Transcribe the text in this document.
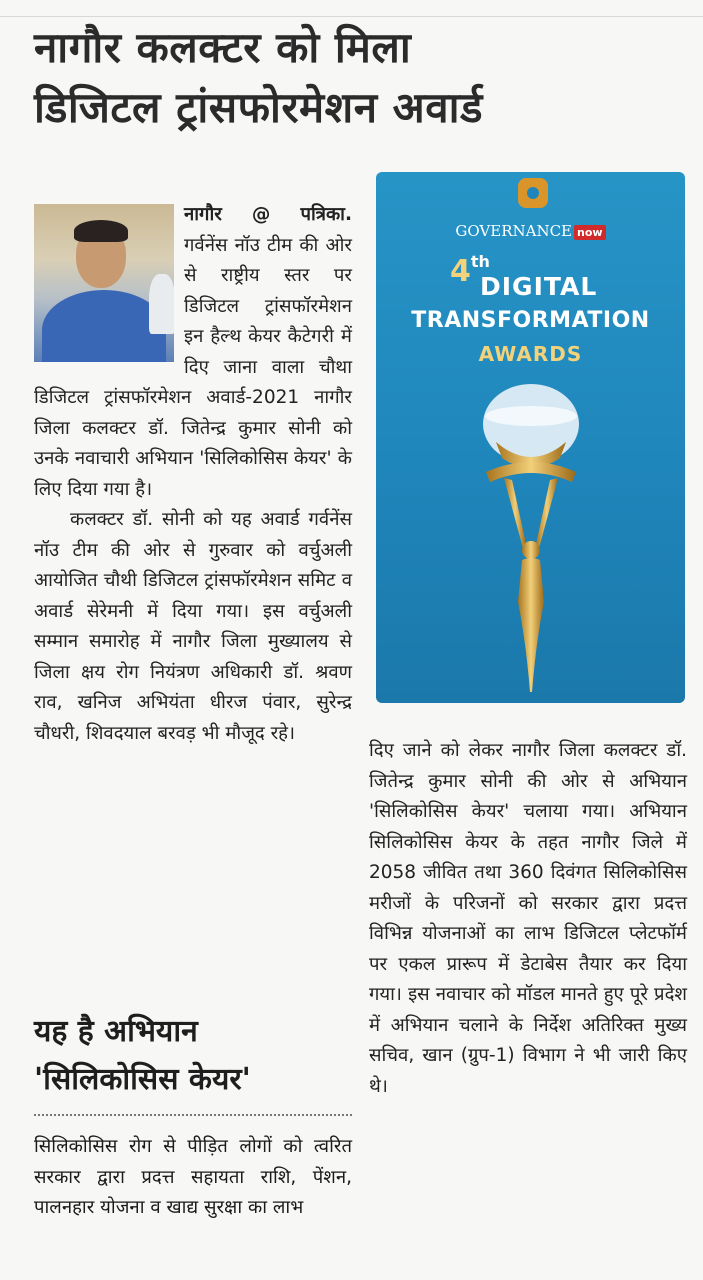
नागौर कलक्टर को मिला
डिजिटल ट्रांसफोरमेशन अवार्ड

नागौर @ पत्रिका. गर्वनेंस नॉउ टीम की ओर से राष्ट्रीय स्तर पर डिजिटल ट्रांसफॉरमेशन इन हैल्थ केयर कैटेगरी में दिए जाना वाला चौथा डिजिटल ट्रांसफॉरमेशन अवार्ड-2021 नागौर जिला कलक्टर डॉ. जितेन्द्र कुमार सोनी को उनके नवाचारी अभियान 'सिलिकोसिस केयर' के लिए दिया गया है।

कलक्टर डॉ. सोनी को यह अवार्ड गर्वनेंस नॉउ टीम की ओर से गुरुवार को वर्चुअली आयोजित चौथी डिजिटल ट्रांसफॉरमेशन समिट व अवार्ड सेरेमनी में दिया गया। इस वर्चुअली सम्मान समारोह में नागौर जिला मुख्यालय से जिला क्षय रोग नियंत्रण अधिकारी डॉ. श्रवण राव, खनिज अभियंता धीरज पंवार, सुरेन्द्र चौधरी, शिवदयाल बरवड़ भी मौजूद रहे।

यह है अभियान
'सिलिकोसिस केयर'

सिलिकोसिस रोग से पीड़ित लोगों को त्वरित सरकार द्वारा प्रदत्त सहायता राशि, पेंशन, पालनहार योजना व खाद्य सुरक्षा का लाभ

GOVERNANCE now
4th
DIGITAL
TRANSFORMATION
AWARDS

दिए जाने को लेकर नागौर जिला कलक्टर डॉ. जितेन्द्र कुमार सोनी की ओर से अभियान 'सिलिकोसिस केयर' चलाया गया। अभियान सिलिकोसिस केयर के तहत नागौर जिले में 2058 जीवित तथा 360 दिवंगत सिलिकोसिस मरीजों के परिजनों को सरकार द्वारा प्रदत्त विभिन्न योजनाओं का लाभ डिजिटल प्लेटफॉर्म पर एकल प्रारूप में डेटाबेस तैयार कर दिया गया। इस नवाचार को मॉडल मानते हुए पूरे प्रदेश में अभियान चलाने के निर्देश अतिरिक्त मुख्य सचिव, खान (ग्रुप-1) विभाग ने भी जारी किए थे।
